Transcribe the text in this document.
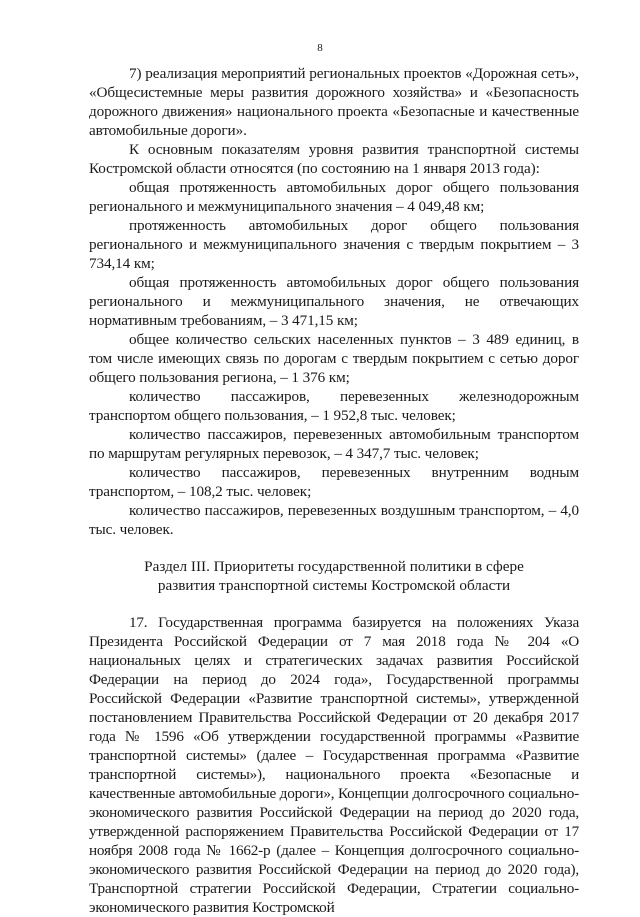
8

7) реализация мероприятий региональных проектов «Дорожная сеть», «Общесистемные меры развития дорожного хозяйства» и «Безопасность дорожного движения» национального проекта «Безопасные и качественные автомобильные дороги».

К основным показателям уровня развития транспортной системы Костромской области относятся (по состоянию на 1 января 2013 года):

общая протяженность автомобильных дорог общего пользования регионального и межмуниципального значения – 4 049,48 км;

протяженность автомобильных дорог общего пользования регионального и межмуниципального значения с твердым покрытием – 3 734,14 км;

общая протяженность автомобильных дорог общего пользования регионального и межмуниципального значения, не отвечающих нормативным требованиям, – 3 471,15 км;

общее количество сельских населенных пунктов – 3 489 единиц, в том числе имеющих связь по дорогам с твердым покрытием с сетью дорог общего пользования региона, – 1 376 км;

количество пассажиров, перевезенных железнодорожным транспортом общего пользования, – 1 952,8 тыс. человек;

количество пассажиров, перевезенных автомобильным транспортом по маршрутам регулярных перевозок, – 4 347,7 тыс. человек;

количество пассажиров, перевезенных внутренним водным транспортом, – 108,2 тыс. человек;

количество пассажиров, перевезенных воздушным транспортом, – 4,0 тыс. человек.

Раздел III. Приоритеты государственной политики в сфере
развития транспортной системы Костромской области

17. Государственная программа базируется на положениях Указа Президента Российской Федерации от 7 мая 2018 года № 204 «О национальных целях и стратегических задачах развития Российской Федерации на период до 2024 года», Государственной программы Российской Федерации «Развитие транспортной системы», утвержденной постановлением Правительства Российской Федерации от 20 декабря 2017 года № 1596 «Об утверждении государственной программы «Развитие транспортной системы» (далее – Государственная программа «Развитие транспортной системы»), национального проекта «Безопасные и качественные автомобильные дороги», Концепции долгосрочного социально-экономического развития Российской Федерации на период до 2020 года, утвержденной распоряжением Правительства Российской Федерации от 17 ноября 2008 года № 1662-р (далее – Концепция долгосрочного социально-экономического развития Российской Федерации на период до 2020 года), Транспортной стратегии Российской Федерации, Стратегии социально-экономического развития Костромской
